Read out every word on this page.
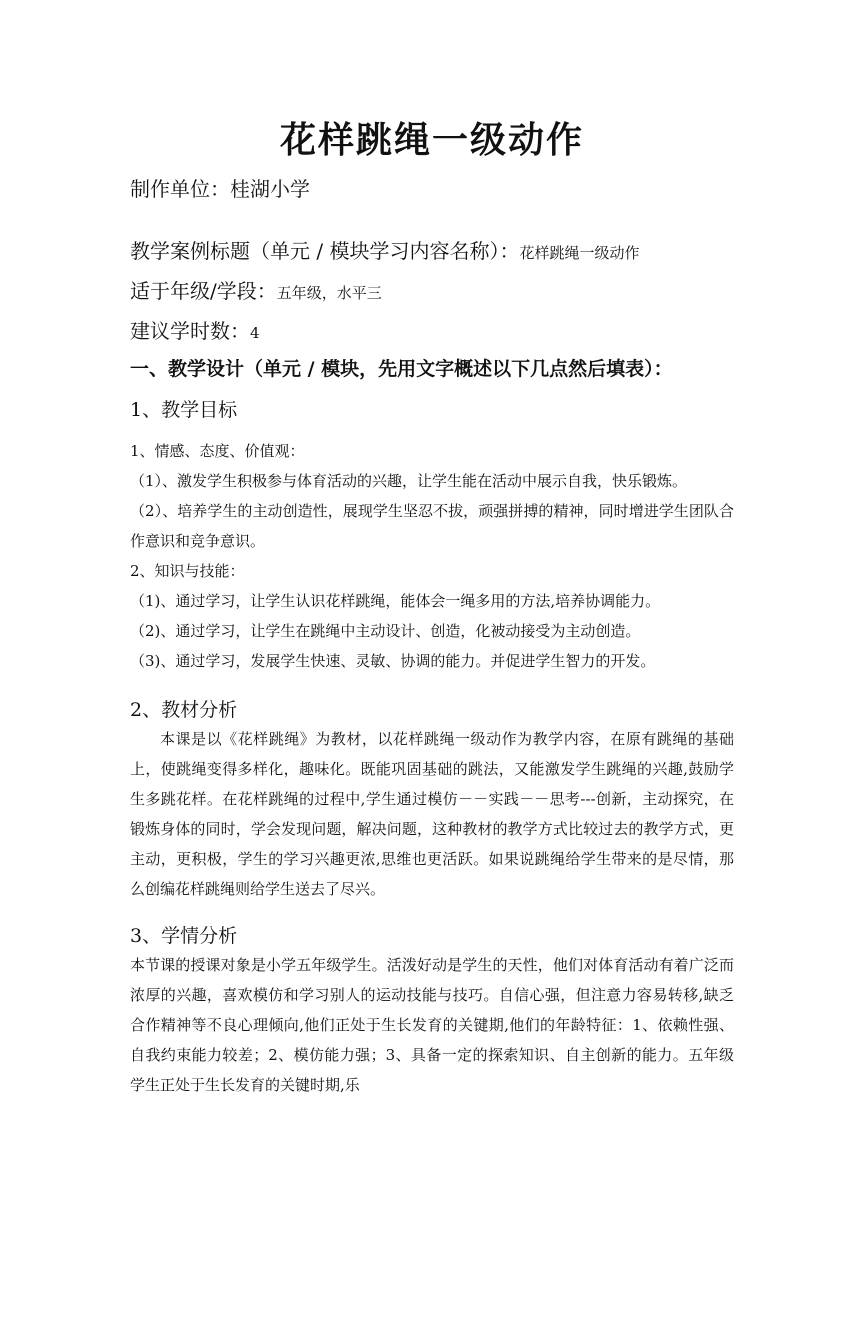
花样跳绳一级动作
制作单位：桂湖小学
教学案例标题（单元 / 模块学习内容名称）：花样跳绳一级动作
适于年级/学段：五年级，水平三
建议学时数：4
一、教学设计（单元 / 模块，先用文字概述以下几点然后填表）：
1、教学目标
1、情感、态度、价值观：
（1）、激发学生积极参与体育活动的兴趣，让学生能在活动中展示自我，快乐锻炼。
（2）、培养学生的主动创造性，展现学生坚忍不拔，顽强拼搏的精神，同时增进学生团队合作意识和竞争意识。
2、知识与技能：
（1)、通过学习，让学生认识花样跳绳，能体会一绳多用的方法,培养协调能力。
（2)、通过学习，让学生在跳绳中主动设计、创造，化被动接受为主动创造。
（3)、通过学习，发展学生快速、灵敏、协调的能力。并促进学生智力的开发。
2、教材分析
本课是以《花样跳绳》为教材，以花样跳绳一级动作为教学内容，在原有跳绳的基础上，使跳绳变得多样化，趣味化。既能巩固基础的跳法，又能激发学生跳绳的兴趣,鼓励学生多跳花样。在花样跳绳的过程中,学生通过模仿－－实践－－思考---创新，主动探究，在锻炼身体的同时，学会发现问题，解决问题，这种教材的教学方式比较过去的教学方式，更主动，更积极，学生的学习兴趣更浓,思维也更活跃。如果说跳绳给学生带来的是尽情，那么创编花样跳绳则给学生送去了尽兴。
3、学情分析
本节课的授课对象是小学五年级学生。活泼好动是学生的天性，他们对体育活动有着广泛而浓厚的兴趣，喜欢模仿和学习别人的运动技能与技巧。自信心强，但注意力容易转移,缺乏合作精神等不良心理倾向,他们正处于生长发育的关键期,他们的年龄特征：1、依赖性强、自我约束能力较差；2、模仿能力强；3、具备一定的探索知识、自主创新的能力。五年级学生正处于生长发育的关键时期,乐
